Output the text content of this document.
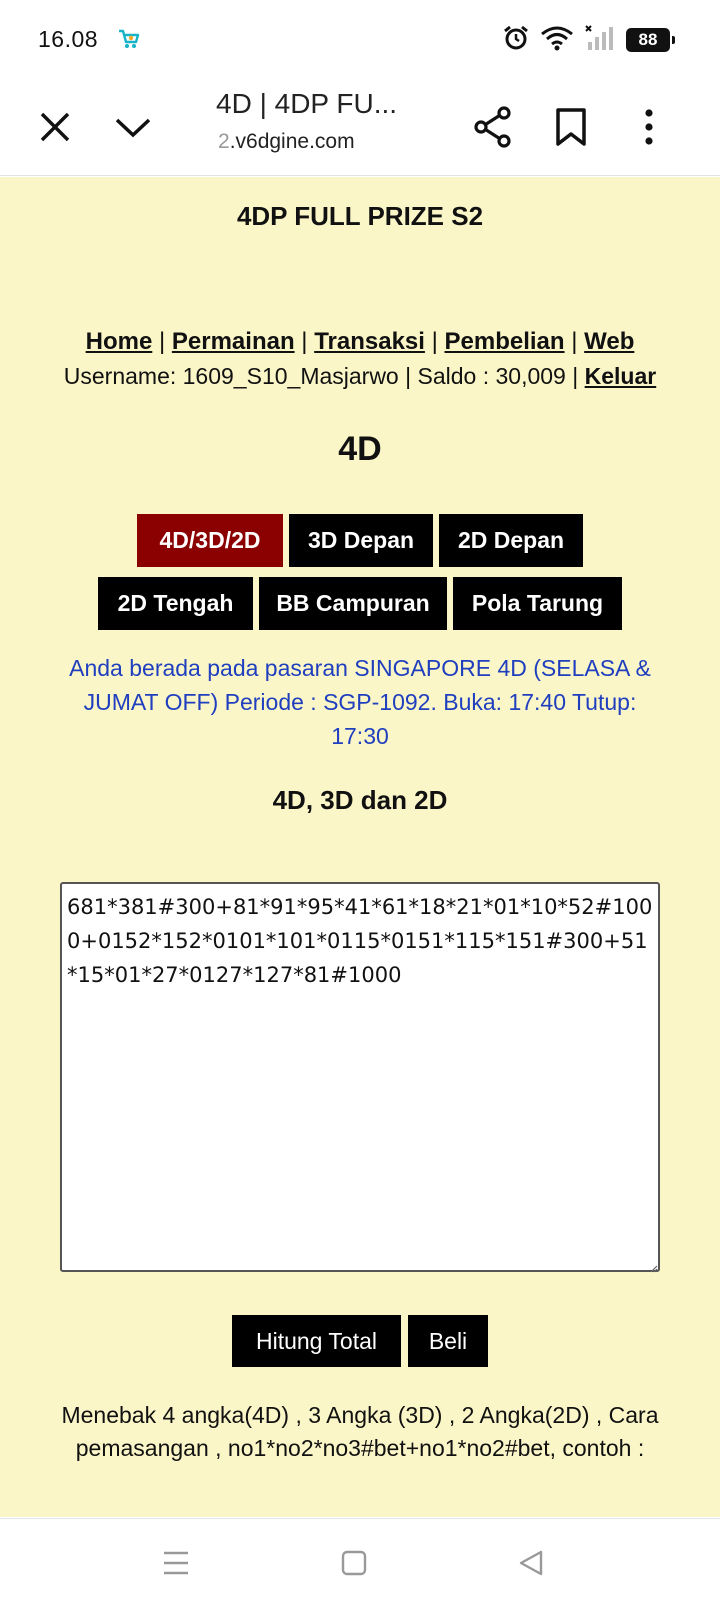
16.08	88
4D | 4DP FU...
2.v6dgine.com
4DP FULL PRIZE S2
Home | Permainan | Transaksi | Pembelian | Web
Username: 1609_S10_Masjarwo | Saldo : 30,009 | Keluar
4D
4D/3D/2D	3D Depan	2D Depan
2D Tengah	BB Campuran	Pola Tarung
Anda berada pada pasaran SINGAPORE 4D (SELASA & JUMAT OFF) Periode : SGP-1092. Buka: 17:40 Tutup: 17:30
4D, 3D dan 2D
681*381#300+81*91*95*41*61*18*21*01*10*52#1000+0152*152*0101*101*0115*0151*115*151#300+51*15*01*27*0127*127*81#1000
Hitung Total	Beli
Menebak 4 angka(4D) , 3 Angka (3D) , 2 Angka(2D) , Cara pemasangan , no1*no2*no3#bet+no1*no2#bet, contoh :
